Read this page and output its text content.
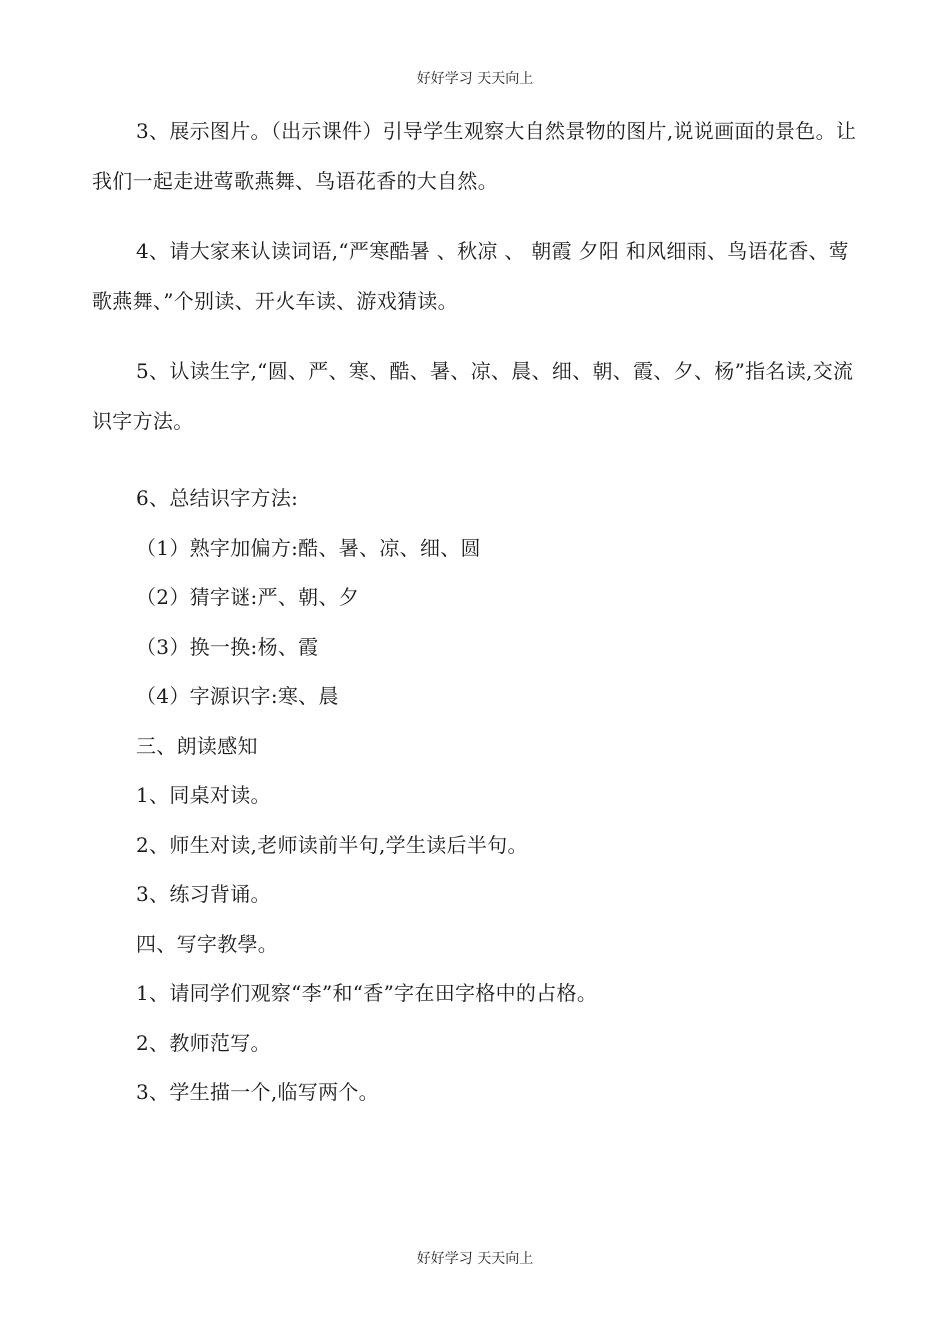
好好学习 天天向上

3、展示图片。（出示课件）引导学生观察大自然景物的图片,说说画面的景色。让我们一起走进莺歌燕舞、鸟语花香的大自然。

4、请大家来认读词语,“严寒酷暑 、秋凉 、 朝霞 夕阳 和风细雨、鸟语花香、莺歌燕舞、”个别读、开火车读、游戏猜读。

5、认读生字,“圆、严、寒、酷、暑、凉、晨、细、朝、霞、夕、杨”指名读,交流识字方法。

6、总结识字方法:

（1）熟字加偏方:酷、暑、凉、细、圆

（2）猜字谜:严、朝、夕

（3）换一换:杨、霞

（4）字源识字:寒、晨

三、朗读感知

1、同桌对读。

2、师生对读,老师读前半句,学生读后半句。

3、练习背诵。

四、写字教學。

1、请同学们观察“李”和“香”字在田字格中的占格。

2、教师范写。

3、学生描一个,临写两个。

好好学习 天天向上
